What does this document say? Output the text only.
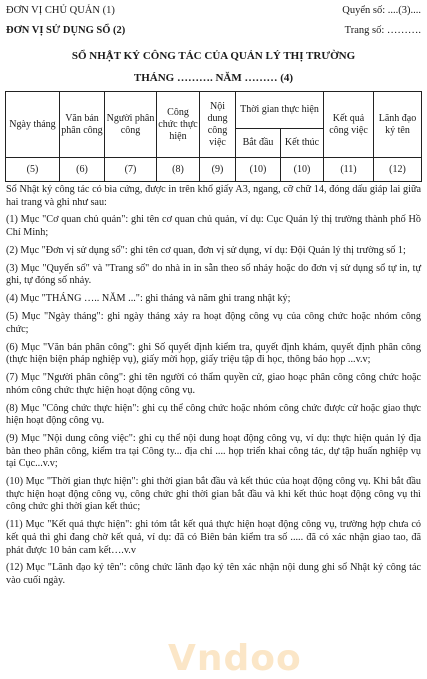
ĐƠN VỊ CHỦ QUẢN (1)	Quyển số: ....(3)....
ĐƠN VỊ SỬ DỤNG SỔ (2)	Trang số: ……….
SỔ NHẬT KÝ CÔNG TÁC CỦA QUẢN LÝ THỊ TRƯỜNG
THÁNG ………. NĂM ……… (4)
Ngày tháng	Văn bản phân công	Người phân công	Công chức thực hiện	Nội dung công việc	Thời gian thực hiện		Kết quả công việc	Lãnh đạo ký tên
					Bắt đầu	Kết thúc		
(5)	(6)	(7)	(8)	(9)	(10)	(10)	(11)	(12)

Sổ Nhật ký công tác có bìa cứng, được in trên khổ giấy A3, ngang, cỡ chữ 14, đóng dấu giáp lai giữa hai trang và ghi như sau:

(1) Mục "Cơ quan chủ quản": ghi tên cơ quan chủ quản, ví dụ: Cục Quản lý thị trường thành phố Hồ Chí Minh;

(2) Mục "Đơn vị sử dụng sổ": ghi tên cơ quan, đơn vị sử dụng, ví dụ: Đội Quản lý thị trường số 1;

(3) Mục "Quyển số" và "Trang số" do nhà in in sẵn theo số nhảy hoặc do đơn vị sử dụng sổ tự in, tự ghi, tự đóng số nhảy.

(4) Mục "THÁNG ….. NĂM ...": ghi tháng và năm ghi trang nhật ký;

(5) Mục "Ngày tháng": ghi ngày tháng xảy ra hoạt động công vụ của công chức hoặc nhóm công chức;

(6) Mục "Văn bản phân công": ghi Số quyết định kiểm tra, quyết định khám, quyết định phân công (thực hiện biện pháp nghiệp vụ), giấy mời họp, giấy triệu tập đi học, thông báo họp ...v.v;

(7) Mục "Người phân công": ghi tên người có thẩm quyền cử, giao hoạc phân công công chức hoặc nhóm công chức thực hiện hoạt động công vụ.

(8) Mục "Công chức thực hiện": ghi cụ thể công chức hoặc nhóm công chức được cử hoặc giao thực hiện hoạt động công vụ.

(9) Mục "Nội dung công việc": ghi cụ thể nội dung hoạt động công vụ, ví dụ: thực hiện quản lý địa bàn theo phân công, kiểm tra tại Công ty... địa chỉ .... họp triển khai công tác, dự tập huấn nghiệp vụ tại Cục...v.v;

(10) Mục "Thời gian thực hiện": ghi thời gian bắt đầu và kết thúc của hoạt động công vụ. Khi bắt đầu thực hiện hoạt động công vụ, công chức ghi thời gian bắt đầu và khi kết thúc hoạt động công vụ thì công chức ghi thời gian kết thúc;

(11) Mục "Kết quả thực hiện": ghi tóm tắt kết quả thực hiện hoạt động công vụ, trường hợp chưa có kết quả thì ghi đang chờ kết quả, ví dụ: đã có Biên bản kiểm tra số ..... đã có xác nhận giao tao, đã phát được 10 bản cam kết….v.v

(12) Mục "Lãnh đạo ký tên": công chức lãnh đạo ký tên xác nhận nội dung ghi sổ Nhật ký công tác vào cuối ngày.

Vndoo
